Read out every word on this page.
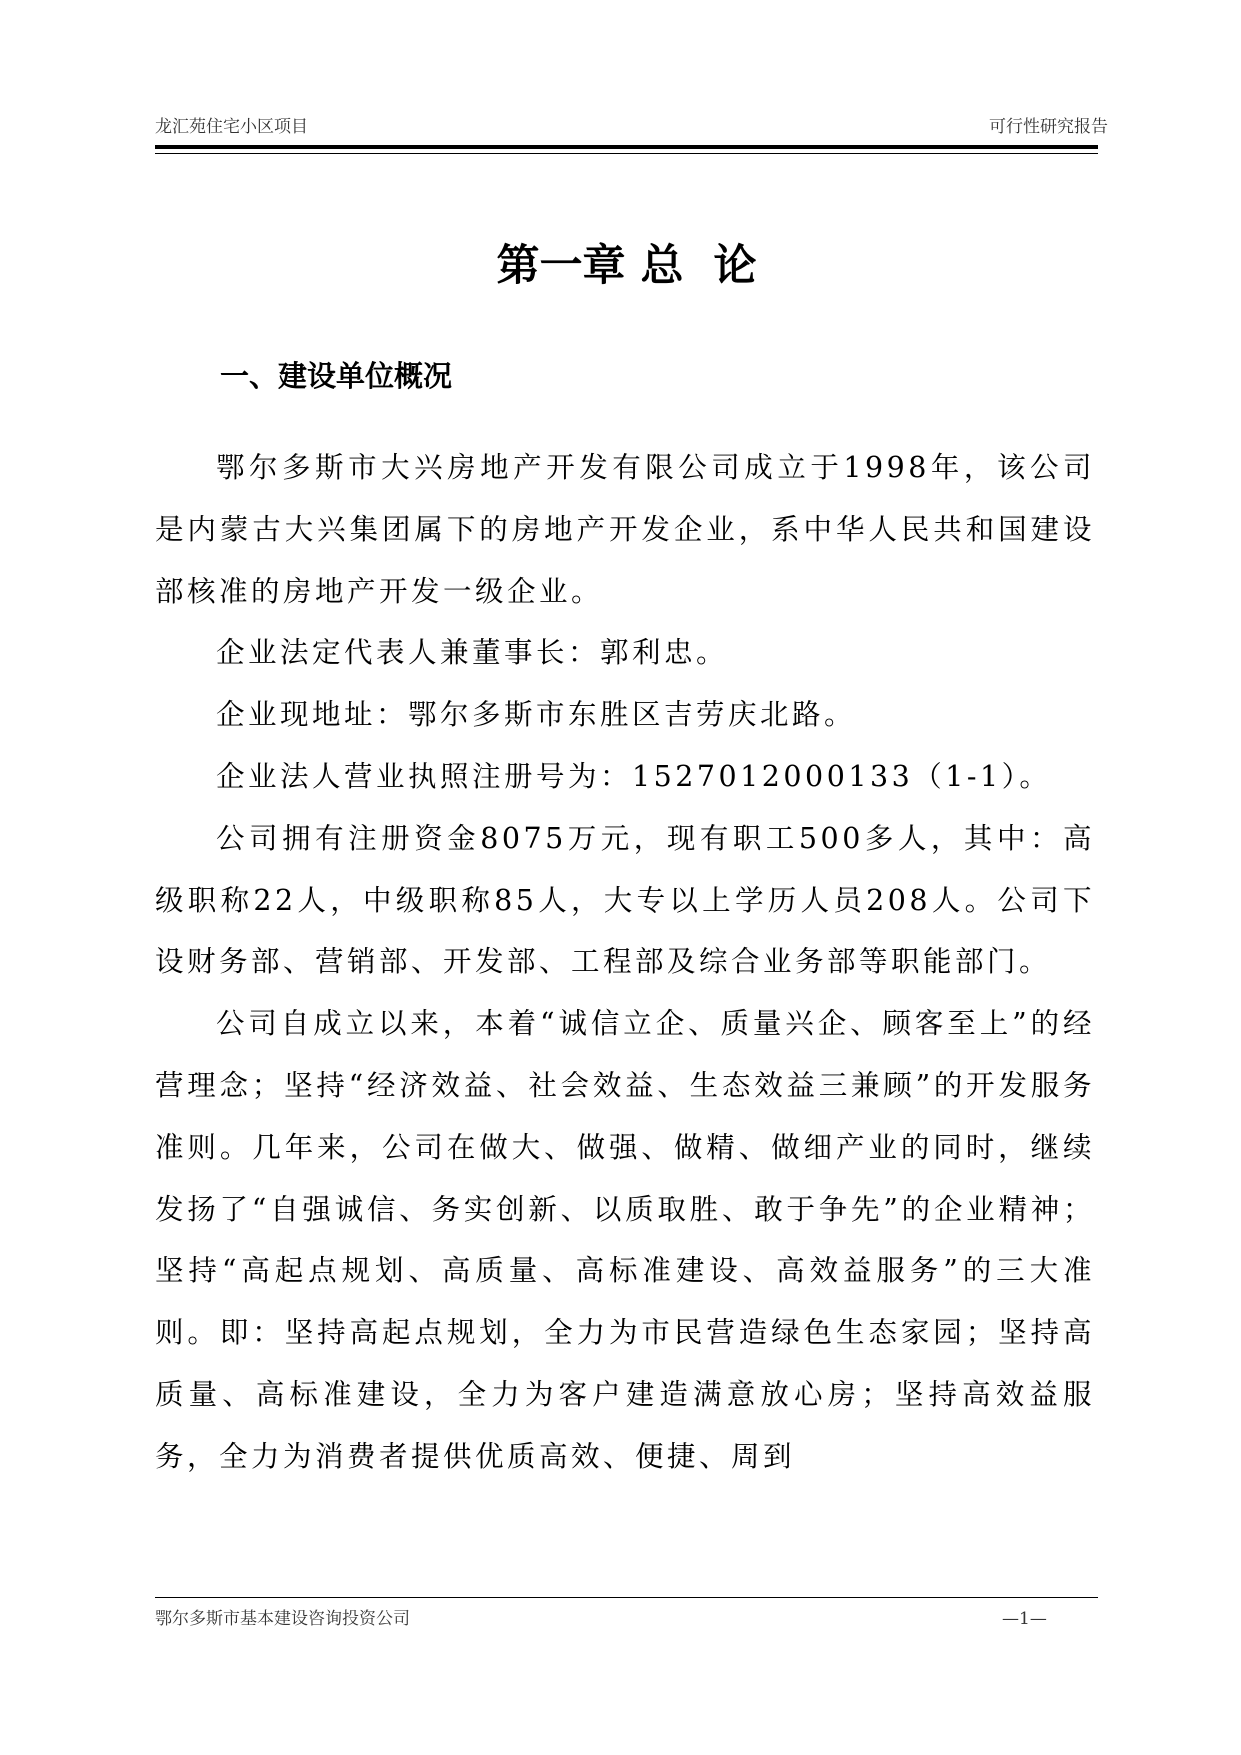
龙汇苑住宅小区项目	可行性研究报告
第一章 总  论
一、建设单位概况

鄂尔多斯市大兴房地产开发有限公司成立于1998年，该公司是内蒙古大兴集团属下的房地产开发企业，系中华人民共和国建设部核准的房地产开发一级企业。

企业法定代表人兼董事长：郭利忠。

企业现地址：鄂尔多斯市东胜区吉劳庆北路。

企业法人营业执照注册号为：1527012000133（1-1）。

公司拥有注册资金8075万元，现有职工500多人，其中：高级职称22人，中级职称85人，大专以上学历人员208人。公司下设财务部、营销部、开发部、工程部及综合业务部等职能部门。

公司自成立以来，本着“诚信立企、质量兴企、顾客至上”的经营理念；坚持“经济效益、社会效益、生态效益三兼顾”的开发服务准则。几年来，公司在做大、做强、做精、做细产业的同时，继续发扬了“自强诚信、务实创新、以质取胜、敢于争先”的企业精神；坚持“高起点规划、高质量、高标准建设、高效益服务”的三大准则。即：坚持高起点规划，全力为市民营造绿色生态家园；坚持高质量、高标准建设，全力为客户建造满意放心房；坚持高效益服务，全力为消费者提供优质高效、便捷、周到

鄂尔多斯市基本建设咨询投资公司	—1—
